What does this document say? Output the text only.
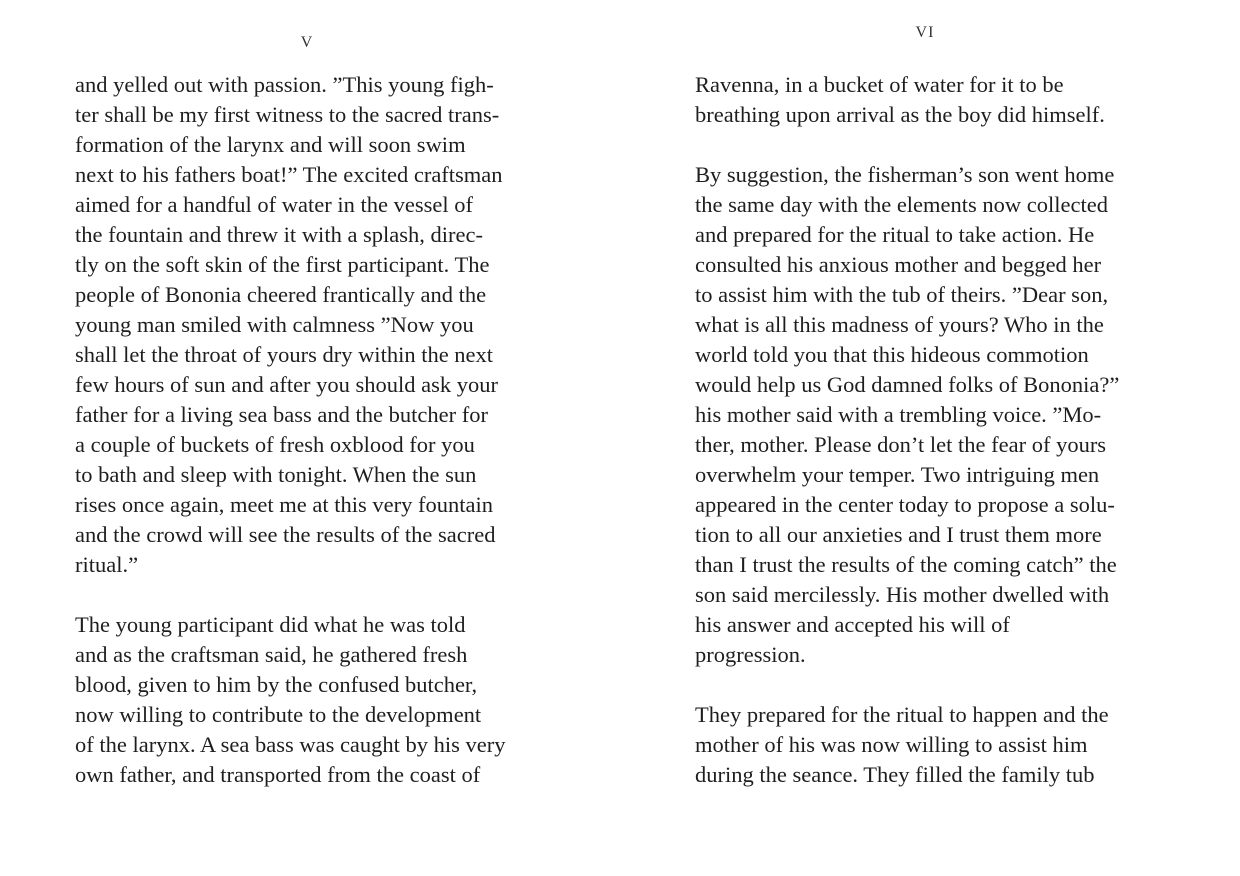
V
and yelled out with passion. ”This young figh-
ter shall be my first witness to the sacred trans-
formation of the larynx and will soon swim
next to his fathers boat!” The excited craftsman
aimed for a handful of water in the vessel of
the fountain and threw it with a splash, direc-
tly on the soft skin of the first participant. The
people of Bononia cheered frantically and the
young man smiled with calmness ”Now you
shall let the throat of yours dry within the next
few hours of sun and after you should ask your
father for a living sea bass and the butcher for
a couple of buckets of fresh oxblood for you
to bath and sleep with tonight. When the sun
rises once again, meet me at this very fountain
and the crowd will see the results of the sacred
ritual.”
The young participant did what he was told
and as the craftsman said, he gathered fresh
blood, given to him by the confused butcher,
now willing to contribute to the development
of the larynx. A sea bass was caught by his very
own father, and transported from the coast of
VI
Ravenna, in a bucket of water for it to be
breathing upon arrival as the boy did himself.
By suggestion, the fisherman’s son went home
the same day with the elements now collected
and prepared for the ritual to take action. He
consulted his anxious mother and begged her
to assist him with the tub of theirs. ”Dear son,
what is all this madness of yours? Who in the
world told you that this hideous commotion
would help us God damned folks of Bononia?”
his mother said with a trembling voice. ”Mo-
ther, mother. Please don’t let the fear of yours
overwhelm your temper. Two intriguing men
appeared in the center today to propose a solu-
tion to all our anxieties and I trust them more
than I trust the results of the coming catch” the
son said mercilessly. His mother dwelled with
his answer and accepted his will of
progression.
They prepared for the ritual to happen and the
mother of his was now willing to assist him
during the seance. They filled the family tub
